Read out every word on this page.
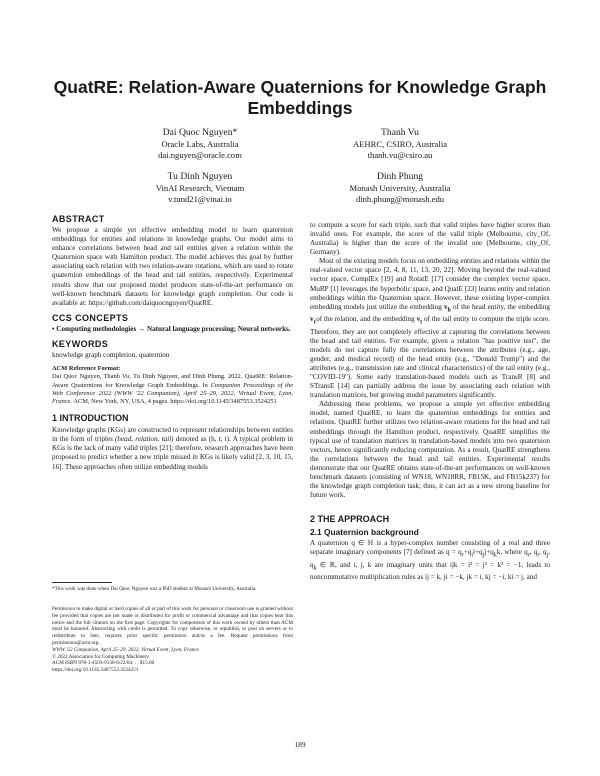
QuatRE: Relation-Aware Quaternions for Knowledge Graph Embeddings
Dai Quoc Nguyen*
Oracle Labs, Australia
dai.nguyen@oracle.com
Thanh Vu
AEHRC, CSIRO, Australia
thanh.vu@csiro.au
Tu Dinh Nguyen
VinAI Research, Vietnam
v.tund21@vinai.io
Dinh Phung
Monash University, Australia
dinh.phung@monash.edu

ABSTRACT

We propose a simple yet effective embedding model to learn quaternion embeddings for entities and relations in knowledge graphs. Our model aims to enhance correlations between head and tail entities given a relation within the Quaternion space with Hamilton product. The model achieves this goal by further associating each relation with two relation-aware rotations, which are used to rotate quaternion embeddings of the head and tail entities, respectively. Experimental results show that our proposed model produces state-of-the-art performance on well-known benchmark datasets for knowledge graph completion. Our code is available at: https://github.com/daiquocnguyen/QuatRE.

CCS CONCEPTS

• Computing methodologies → Natural language processing; Neural networks.

KEYWORDS

knowledge graph completion, quaternion

ACM Reference Format:
Dai Quoc Nguyen, Thanh Vu, Tu Dinh Nguyen, and Dinh Phung. 2022. QuatRE: Relation-Aware Quaternions for Knowledge Graph Embeddings. In Companion Proceedings of the Web Conference 2022 (WWW '22 Companion), April 25–29, 2022, Virtual Event, Lyon, France. ACM, New York, NY, USA, 4 pages. https://doi.org/10.1145/3487553.3524251

1 INTRODUCTION

Knowledge graphs (KGs) are constructed to represent relationships between entities in the form of triples (head, relation, tail) denoted as (h, r, t). A typical problem in KGs is the lack of many valid triples [21]; therefore, research approaches have been proposed to predict whether a new triple missed in KGs is likely valid [2, 3, 10, 15, 16]. These approaches often utilize embedding models

*This work was done when Dai Quoc Nguyen was a PhD student at Monash University, Australia.

Permission to make digital or hard copies of all or part of this work for personal or classroom use is granted without fee provided that copies are not made or distributed for profit or commercial advantage and that copies bear this notice and the full citation on the first page. Copyrights for components of this work owned by others than ACM must be honored. Abstracting with credit is permitted. To copy otherwise, or republish, to post on servers or to redistribute to lists, requires prior specific permission and/or a fee. Request permissions from permissions@acm.org.

WWW '22 Companion, April 25–29, 2022, Virtual Event, Lyon, France

© 2022 Association for Computing Machinery.

ACM ISBN 978-1-4503-9130-6/22/04. . . $15.00

https://doi.org/10.1145/3487553.3524251

to compute a score for each triple, such that valid triples have higher scores than invalid ones. For example, the score of the valid triple (Melbourne, city_Of, Australia) is higher than the score of the invalid one (Melbourne, city_Of, Germany).

Most of the existing models focus on embedding entities and relations within the real-valued vector space [2, 4, 8, 11, 13, 20, 22]. Moving beyond the real-valued vector space, ComplEx [19] and RotatE [17] consider the complex vector space, MuRP [1] leverages the hyperbolic space, and QuatE [23] learns entity and relation embeddings within the Quaternion space. However, these existing hyper-complex embedding models just utilize the embedding $v_h$ of the head entity, the embedding $v_rof$ the relation, and the embedding $v_t$ of the tail entity to compute the triple score. Therefore, they are not completely effective at capturing the correlations between the head and tail entities. For example, given a relation "has positive test", the models do not capture fully the correlations between the attributes (e.g., age, gender, and medical record) of the head entity (e.g., "Donald Trump") and the attributes (e.g., transmission rate and clinical characteristics) of the tail entity (e.g., "COVID-19"). Some early translation-based models such as TransR [8] and STransE [14] can partially address the issue by associating each relation with translation matrices, but growing model parameters significantly.

Addressing these problems, we propose a simple yet effective embedding model, named QuatRE, to learn the quaternion embeddings for entities and relations. QuatRE further utilizes two relation-aware rotations for the head and tail embeddings through the Hamilton product, respectively. QuatRE simplifies the typical use of translation matrices in translation-based models into two quaternion vectors, hence significantly reducing computation. As a result, QuatRE strengthens the correlations between the head and tail entities. Experimental results demonstrate that our QuatRE obtains state-of-the-art performances on well-known benchmark datasets (consisting of WN18, WN18RR, FB15K, and FB15k237) for the knowledge graph completion task; thus, it can act as a new strong baseline for future work.

2 THE APPROACH

2.1 Quaternion background

A quaternion q ∈ ℍ is a hyper-complex number consisting of a real and three separate imaginary components [7] defined as $q = q_r+q_ii+q_jj+q_kk$, where $q_r$, $q_i$, $q_j$, $q_k$ ∈ ℝ, and i, j, k are imaginary units that ijk = i² = j² = k² = −1, leads to noncommutative multiplication rules as ij = k, ji = −k, jk = i, kj = −i, ki = j, and

189
